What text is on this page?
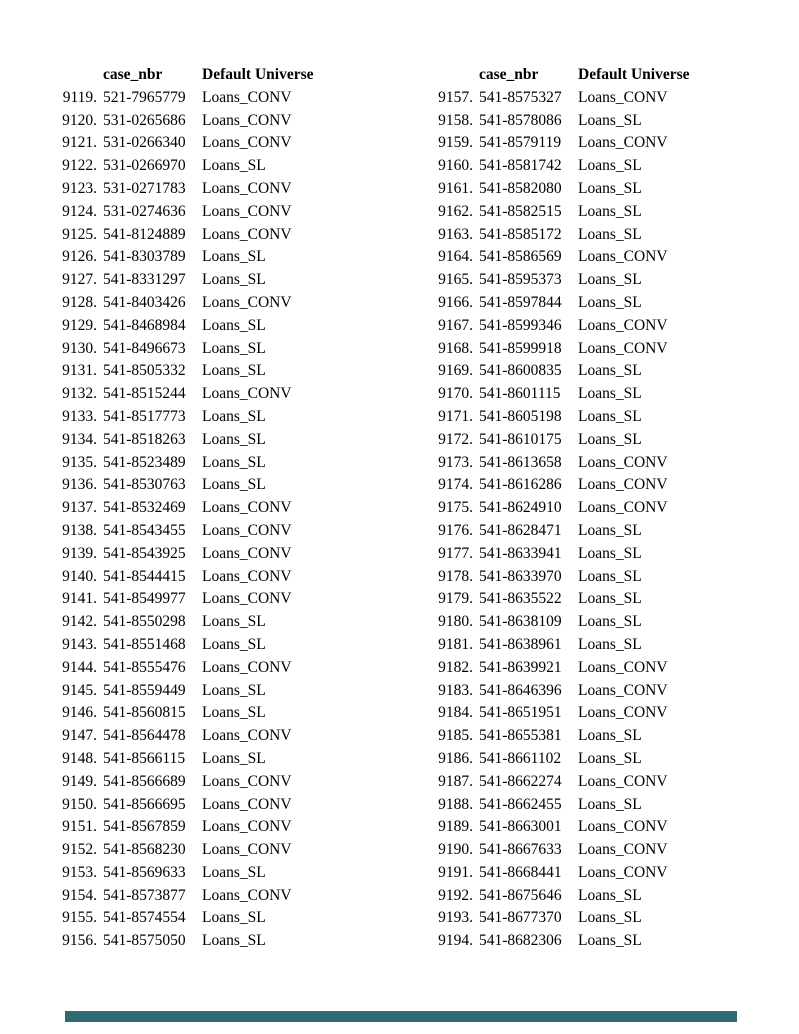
case_nbr	Default Universe
9119. 521-7965779	Loans_CONV
9120. 531-0265686	Loans_CONV
9121. 531-0266340	Loans_CONV
9122. 531-0266970	Loans_SL
9123. 531-0271783	Loans_CONV
9124. 531-0274636	Loans_CONV
9125. 541-8124889	Loans_CONV
9126. 541-8303789	Loans_SL
9127. 541-8331297	Loans_SL
9128. 541-8403426	Loans_CONV
9129. 541-8468984	Loans_SL
9130. 541-8496673	Loans_SL
9131. 541-8505332	Loans_SL
9132. 541-8515244	Loans_CONV
9133. 541-8517773	Loans_SL
9134. 541-8518263	Loans_SL
9135. 541-8523489	Loans_SL
9136. 541-8530763	Loans_SL
9137. 541-8532469	Loans_CONV
9138. 541-8543455	Loans_CONV
9139. 541-8543925	Loans_CONV
9140. 541-8544415	Loans_CONV
9141. 541-8549977	Loans_CONV
9142. 541-8550298	Loans_SL
9143. 541-8551468	Loans_SL
9144. 541-8555476	Loans_CONV
9145. 541-8559449	Loans_SL
9146. 541-8560815	Loans_SL
9147. 541-8564478	Loans_CONV
9148. 541-8566115	Loans_SL
9149. 541-8566689	Loans_CONV
9150. 541-8566695	Loans_CONV
9151. 541-8567859	Loans_CONV
9152. 541-8568230	Loans_CONV
9153. 541-8569633	Loans_SL
9154. 541-8573877	Loans_CONV
9155. 541-8574554	Loans_SL
9156. 541-8575050	Loans_SL
case_nbr	Default Universe
9157. 541-8575327	Loans_CONV
9158. 541-8578086	Loans_SL
9159. 541-8579119	Loans_CONV
9160. 541-8581742	Loans_SL
9161. 541-8582080	Loans_SL
9162. 541-8582515	Loans_SL
9163. 541-8585172	Loans_SL
9164. 541-8586569	Loans_CONV
9165. 541-8595373	Loans_SL
9166. 541-8597844	Loans_SL
9167. 541-8599346	Loans_CONV
9168. 541-8599918	Loans_CONV
9169. 541-8600835	Loans_SL
9170. 541-8601115	Loans_SL
9171. 541-8605198	Loans_SL
9172. 541-8610175	Loans_SL
9173. 541-8613658	Loans_CONV
9174. 541-8616286	Loans_CONV
9175. 541-8624910	Loans_CONV
9176. 541-8628471	Loans_SL
9177. 541-8633941	Loans_SL
9178. 541-8633970	Loans_SL
9179. 541-8635522	Loans_SL
9180. 541-8638109	Loans_SL
9181. 541-8638961	Loans_SL
9182. 541-8639921	Loans_CONV
9183. 541-8646396	Loans_CONV
9184. 541-8651951	Loans_CONV
9185. 541-8655381	Loans_SL
9186. 541-8661102	Loans_SL
9187. 541-8662274	Loans_CONV
9188. 541-8662455	Loans_SL
9189. 541-8663001	Loans_CONV
9190. 541-8667633	Loans_CONV
9191. 541-8668441	Loans_CONV
9192. 541-8675646	Loans_SL
9193. 541-8677370	Loans_SL
9194. 541-8682306	Loans_SL
